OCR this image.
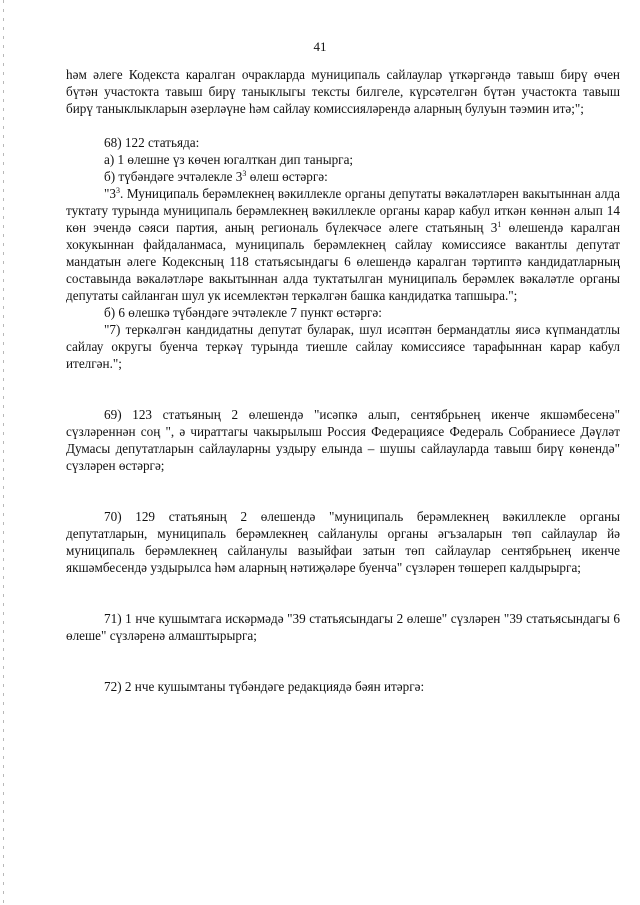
41

һәм әлеге Кодекста каралган очракларда муниципаль сайлаулар үткәргәндә тавыш бирү өчен бүтән участокта тавыш бирү таныклыгы тексты билгеле, күрсәтелгән бүтән участокта тавыш бирү таныклыкларын әзерләүне һәм сайлау комиссияләрендә аларның булуын тәэмин итә;";

68) 122 статьяда:

а) 1 өлешне үз көчен югалткан дип танырга;

б) түбәндәге эчтәлекле $3^3$ өлеш өстәргә:

"$3^3$. Муниципаль берәмлекнең вәкиллекле органы депутаты вәкаләтләрен вакытыннан алда туктату турында муниципаль берәмлекнең вәкиллекле органы карар кабул иткән көннән алып 14 көн эчендә сәяси партия, аның региональ бүлекчәсе әлеге статьяның $3^1$ өлешендә каралган хокукыннан файдаланмаса, муниципаль берәмлекнең сайлау комиссиясе вакантлы депутат мандатын әлеге Кодексның 118 статьясындагы 6 өлешендә каралган тәртиптә кандидатларның составында вәкаләтләре вакытыннан алда туктатылган муниципаль берәмлек вәкаләтле органы депутаты сайланган шул ук исемлектән теркәлгән башка кандидатка тапшыра.";

б) 6 өлешкә түбәндәге эчтәлекле 7 пункт өстәргә:

"7) теркәлгән кандидатны депутат буларак, шул исәптән бермандатлы яисә күпмандатлы сайлау округы буенча теркәү турында тиешле сайлау комиссиясе тарафыннан карар кабул ителгән.";

69) 123 статьяның 2 өлешендә "исәпкә алып, сентябрьнең икенче якшәмбесенә" сүзләреннән соң ", ә чираттагы чакырылыш Россия Федерациясе Федераль Собраниесе Дәүләт Думасы депутатларын сайлауларны уздыру елында – шушы сайлауларда тавыш бирү көнендә" сүзләрен өстәргә;

70) 129 статьяның 2 өлешендә "муниципаль берәмлекнең вәкиллекле органы депутатларын, муниципаль берәмлекнең сайланулы органы әгъзаларын төп сайлаулар йә муниципаль берәмлекнең сайланулы вазыйфаи затын төп сайлаулар сентябрьнең икенче якшәмбесендә уздырылса һәм аларның нәтиҗәләре буенча" сүзләрен төшереп калдырырга;

71) 1 нче кушымтага искәрмәдә "39 статьясындагы 2 өлеше" сүзләрен "39 статьясындагы 6 өлеше" сүзләренә алмаштырырга;

72) 2 нче кушымтаны түбәндәге редакциядә бәян итәргә:
